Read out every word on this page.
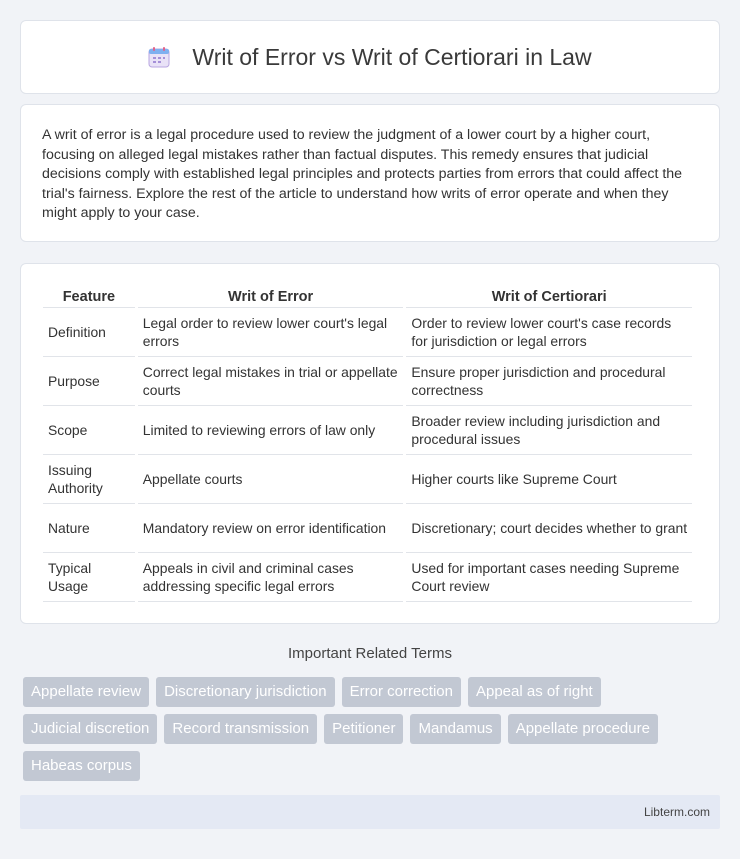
Writ of Error vs Writ of Certiorari in Law

A writ of error is a legal procedure used to review the judgment of a lower court by a higher court, focusing on alleged legal mistakes rather than factual disputes. This remedy ensures that judicial decisions comply with established legal principles and protects parties from errors that could affect the trial's fairness. Explore the rest of the article to understand how writs of error operate and when they might apply to your case.

Feature	Writ of Error	Writ of Certiorari
Definition	Legal order to review lower court's legal errors	Order to review lower court's case records for jurisdiction or legal errors
Purpose	Correct legal mistakes in trial or appellate courts	Ensure proper jurisdiction and procedural correctness
Scope	Limited to reviewing errors of law only	Broader review including jurisdiction and procedural issues
Issuing Authority	Appellate courts	Higher courts like Supreme Court
Nature	Mandatory review on error identification	Discretionary; court decides whether to grant
Typical Usage	Appeals in civil and criminal cases addressing specific legal errors	Used for important cases needing Supreme Court review
Important Related Terms
Appellate review	Discretionary jurisdiction	Error correction	Appeal as of right
Judicial discretion	Record transmission	Petitioner	Mandamus	Appellate procedure
Habeas corpus
Libterm.com
